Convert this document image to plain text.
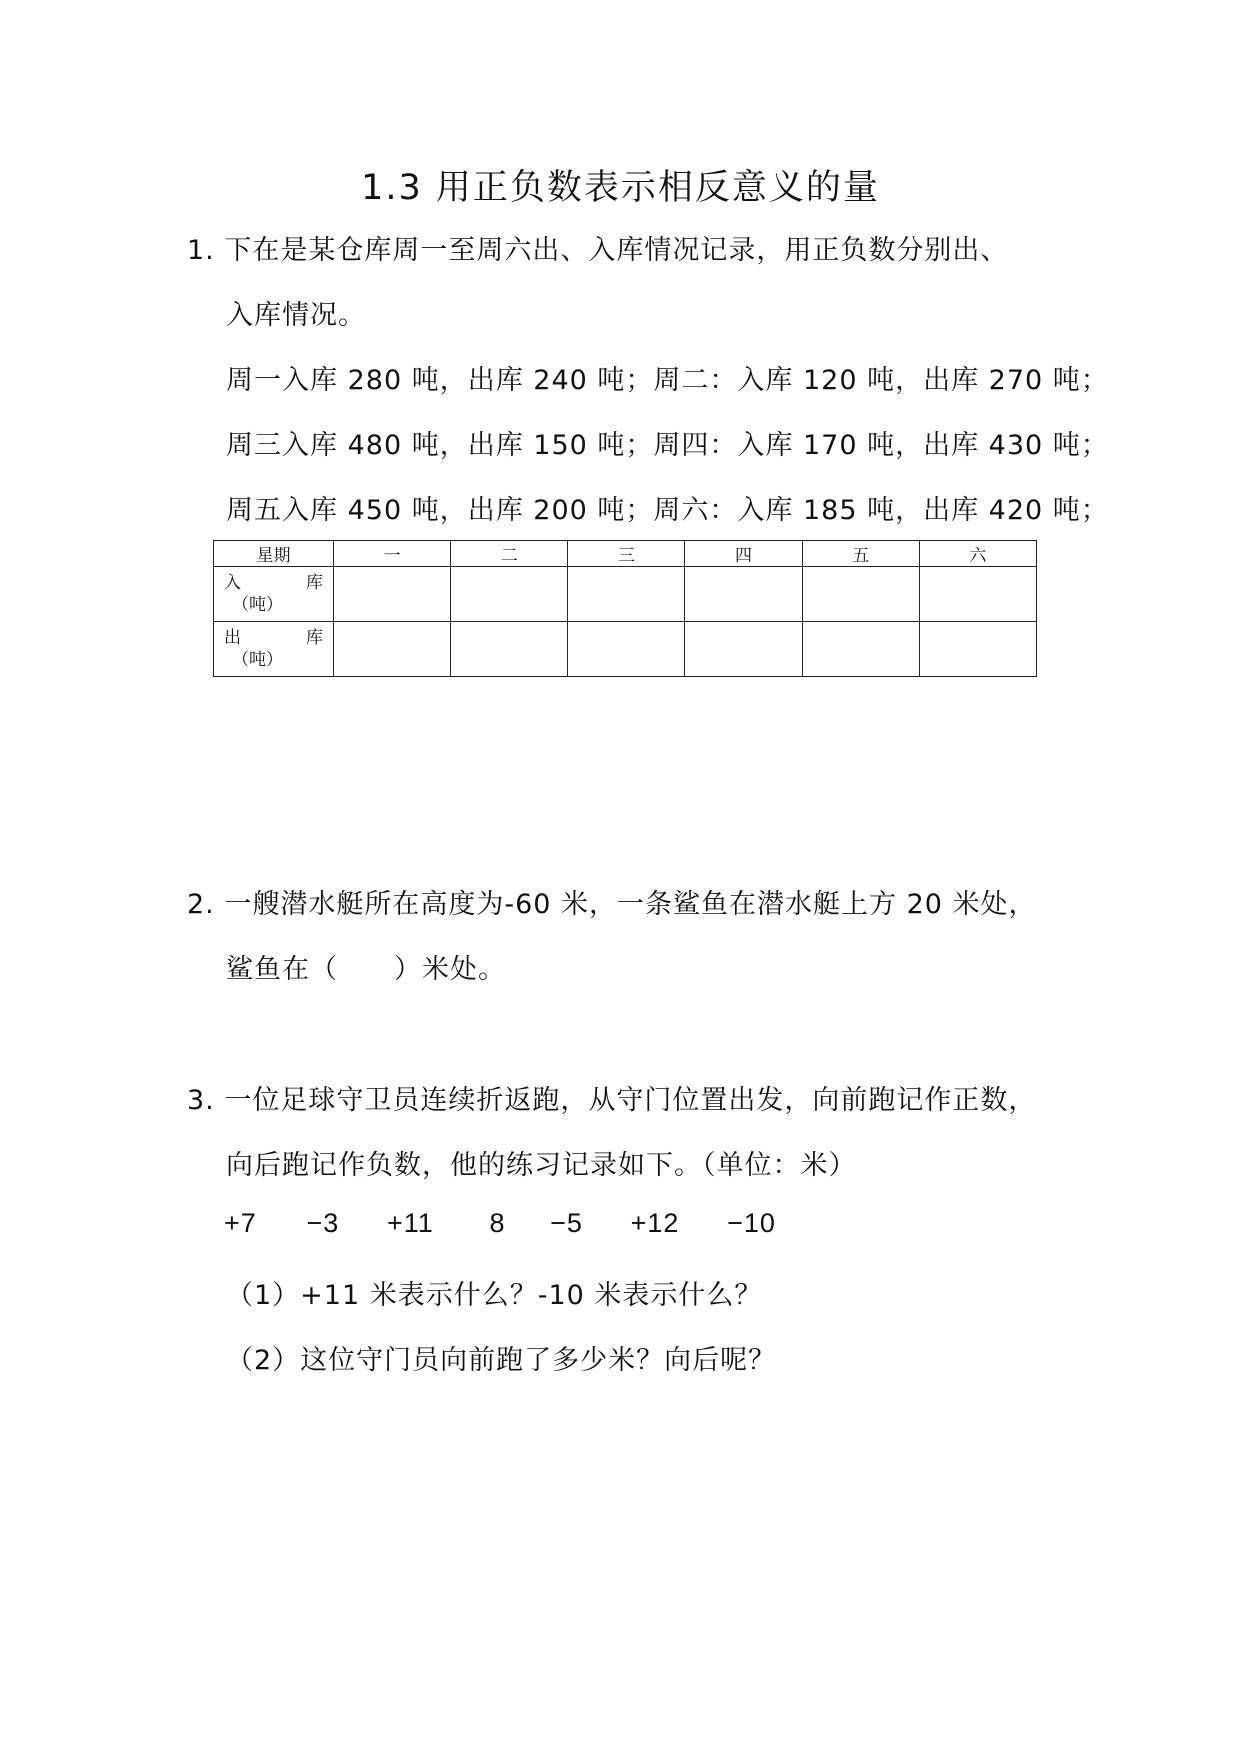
1.3 用正负数表示相反意义的量
1. 下在是某仓库周一至周六出、入库情况记录，用正负数分别出、
入库情况。
周一入库 280 吨，出库 240 吨；周二：入库 120 吨，出库 270 吨；
周三入库 480 吨，出库 150 吨；周四：入库 170 吨，出库 430 吨；
周五入库 450 吨，出库 200 吨；周六：入库 185 吨，出库 420 吨；
星期	一	二	三	四	五	六

入 库
（吨）						

出 库
（吨）						

2. 一艘潜水艇所在高度为-60 米，一条鲨鱼在潜水艇上方 20 米处，
鲨鱼在（　　）米处。
3. 一位足球守卫员连续折返跑，从守门位置出发，向前跑记作正数，
向后跑记作负数，他的练习记录如下。（单位：米）
+7 −3 +11 8 −5 +12 −10
（1）+11 米表示什么？-10 米表示什么？
（2）这位守门员向前跑了多少米？向后呢？
